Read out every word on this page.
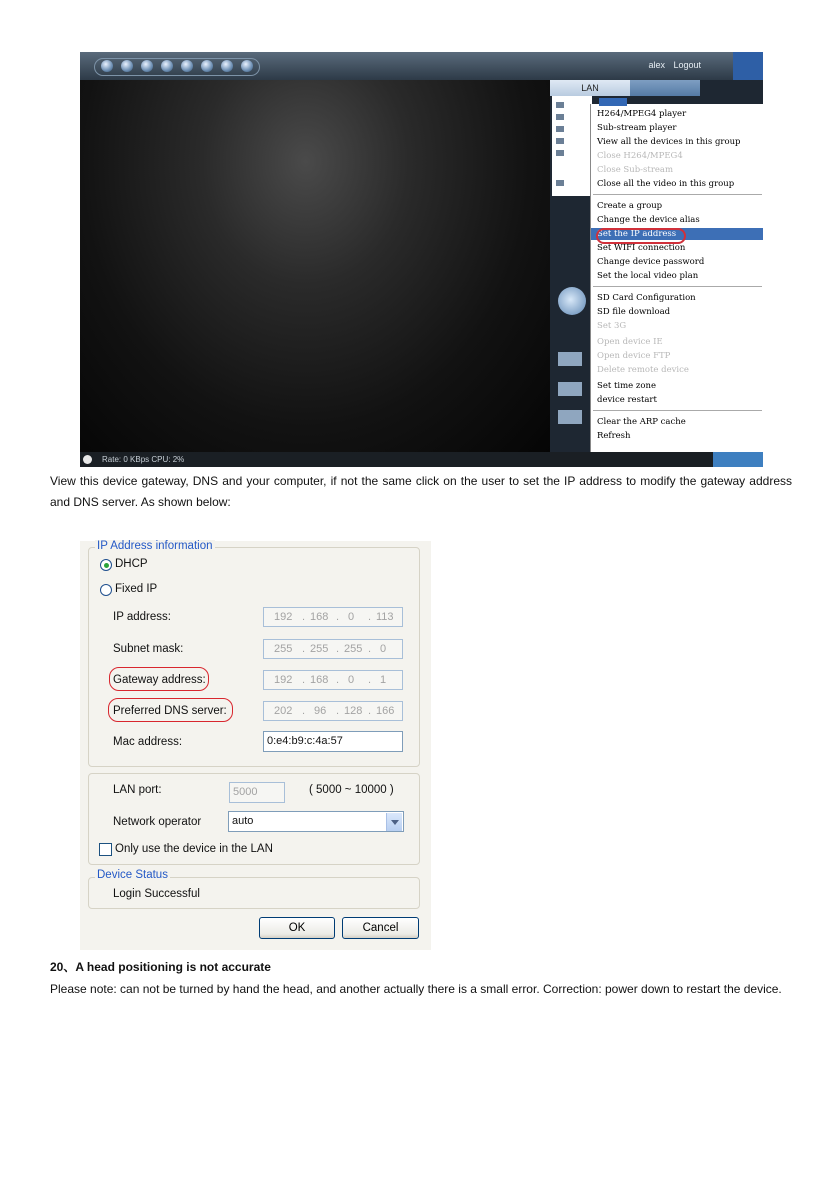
alex Logout
LAN
H264/MPEG4 player
Sub-stream player
View all the devices in this group
Close H264/MPEG4
Close Sub-stream
Close all the video in this group
Create a group
Change the device alias
Set the IP address
Set WIFI connection
Change device password
Set the local video plan
SD Card Configuration
SD file download
Set 3G
Open device IE
Open device FTP
Delete remote device
Set time zone
device restart
Clear the ARP cache
Refresh
Rate: 0 KBps CPU: 2%
View this device gateway, DNS and your computer, if not the same click on the user to set the IP address to modify the gateway address and DNS server. As shown below:
IP Address information
DHCP
Fixed IP
IP address:	192 . 168 . 0 . 113
Subnet mask:	255 . 255 . 255 . 0
Gateway address:	192 . 168 . 0 . 1
Preferred DNS server:	202 . 96 . 128 . 166
Mac address:	0:e4:b9:c:4a:57
LAN port:	5000	( 5000 ~ 10000 )
Network operator	auto
Only use the device in the LAN
Device Status
Login Successful
OK	Cancel
20、A head positioning is not accurate
Please note: can not be turned by hand the head, and another actually there is a small error. Correction: power down to restart the device.
